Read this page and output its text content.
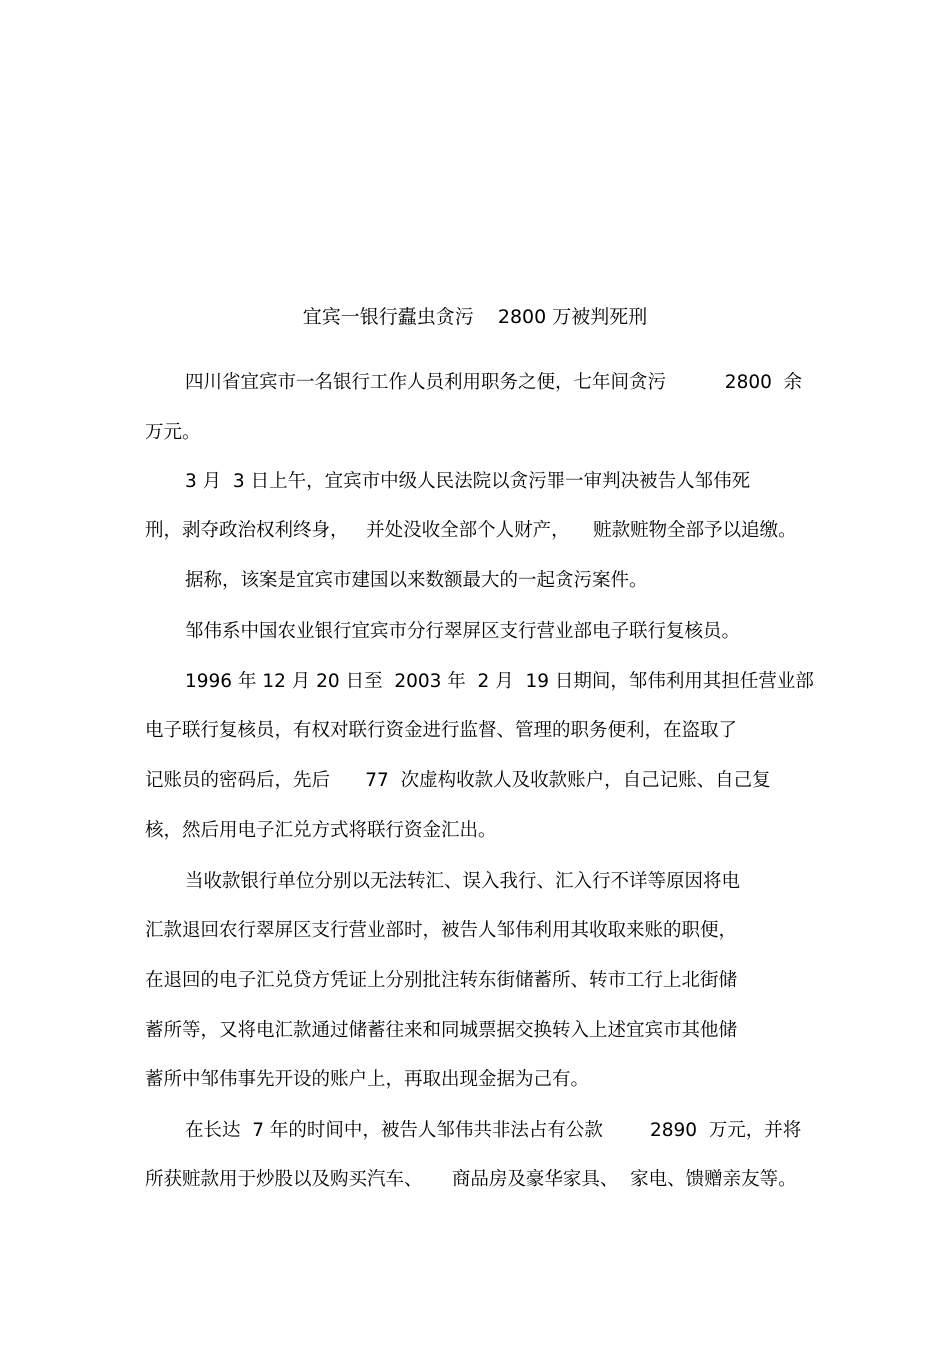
宜宾一银行蠹虫贪污    2800 万被判死刑
四川省宜宾市一名银行工作人员利用职务之便，七年间贪污          2800  余
万元。
3 月  3 日上午，宜宾市中级人民法院以贪污罪一审判决被告人邹伟死
刑，剥夺政治权利终身，   并处没收全部个人财产，    赃款赃物全部予以追缴。
据称，该案是宜宾市建国以来数额最大的一起贪污案件。
邹伟系中国农业银行宜宾市分行翠屏区支行营业部电子联行复核员。
1996 年 12 月 20 日至  2003 年  2 月  19 日期间，邹伟利用其担任营业部
电子联行复核员，有权对联行资金进行监督、管理的职务便利，在盗取了
记账员的密码后，先后      77  次虚构收款人及收款账户，自己记账、自己复
核，然后用电子汇兑方式将联行资金汇出。
当收款银行单位分别以无法转汇、误入我行、汇入行不详等原因将电
汇款退回农行翠屏区支行营业部时，被告人邹伟利用其收取来账的职便，
在退回的电子汇兑贷方凭证上分别批注转东街储蓄所、转市工行上北街储
蓄所等，又将电汇款通过储蓄往来和同城票据交换转入上述宜宾市其他储
蓄所中邹伟事先开设的账户上，再取出现金据为己有。
在长达  7 年的时间中，被告人邹伟共非法占有公款        2890  万元，并将
所获赃款用于炒股以及购买汽车、     商品房及豪华家具、  家电、馈赠亲友等。
